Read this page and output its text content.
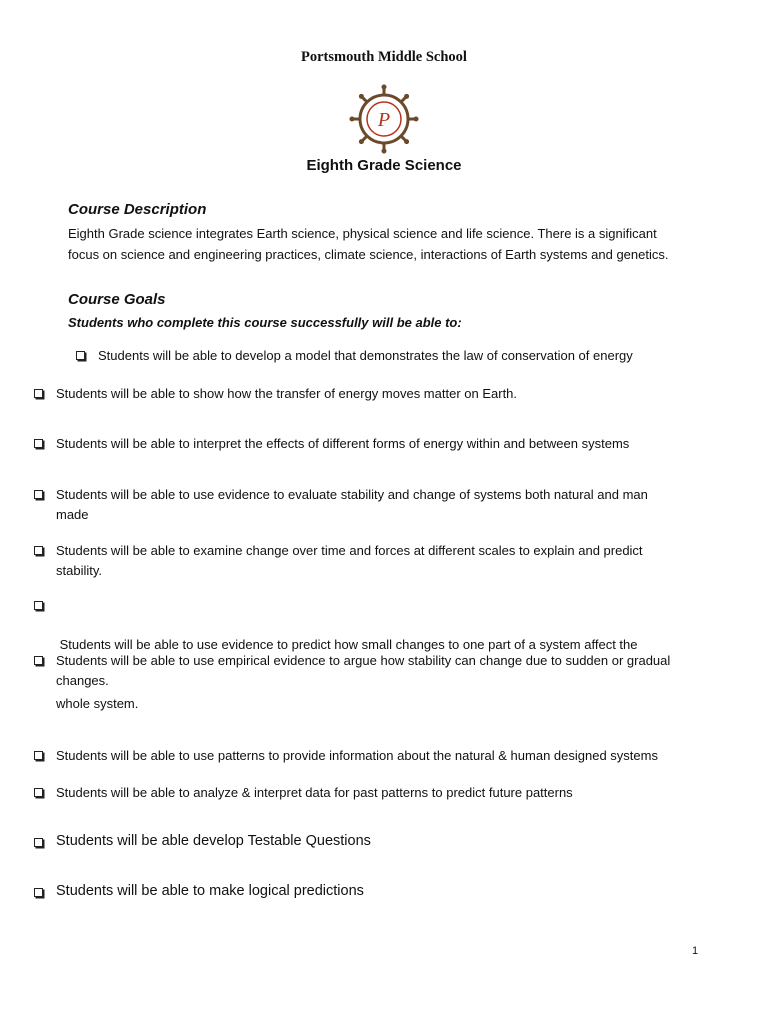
Portsmouth Middle School
P
Eighth Grade Science
Course Description
Eighth Grade science integrates Earth science, physical science and life science. There is a significant
focus on science and engineering practices, climate science, interactions of Earth systems and genetics.
Course Goals
Students who complete this course successfully will be able to:
Students will be able to develop a model that demonstrates the law of conservation of energy
Students will be able to show how the transfer of energy moves matter on Earth.
Students will be able to interpret the effects of different forms of energy within and between systems
Students will be able to use evidence to evaluate stability and change of systems both natural and man
made
Students will be able to examine change over time and forces at different scales to explain and predict
stability.

Students will be able to use evidence to predict how small changes to one part of a system affect the

whole system.

Students will be able to use empirical evidence to argue how stability can change due to sudden or gradual
changes.
Students will be able to use patterns to provide information about the natural & human designed systems
Students will be able to analyze & interpret data for past patterns to predict future patterns
Students will be able develop Testable Questions
Students will be able to make logical predictions
1
